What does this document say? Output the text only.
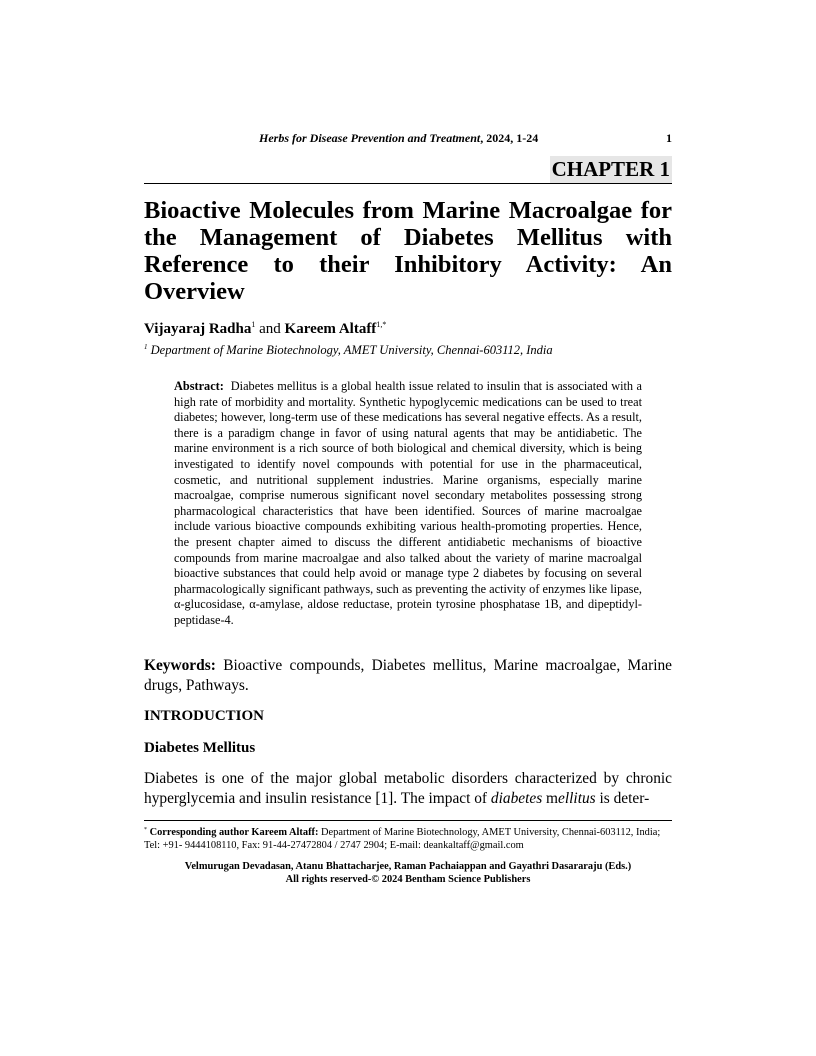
Herbs for Disease Prevention and Treatment, 2024, 1-24	1
CHAPTER 1
Bioactive Molecules from Marine Macroalgae for the Management of Diabetes Mellitus with Reference to their Inhibitory Activity: An Overview
Vijayaraj Radha$^1$ and Kareem Altaff$^{1,*}$
$^1$ Department of Marine Biotechnology, AMET University, Chennai-603112, India

Abstract: Diabetes mellitus is a global health issue related to insulin that is associated with a high rate of morbidity and mortality. Synthetic hypoglycemic medications can be used to treat diabetes; however, long-term use of these medications has several negative effects. As a result, there is a paradigm change in favor of using natural agents that may be antidiabetic. The marine environment is a rich source of both biological and chemical diversity, which is being investigated to identify novel compounds with potential for use in the pharmaceutical, cosmetic, and nutritional supplement industries. Marine organisms, especially marine macroalgae, comprise numerous significant novel secondary metabolites possessing strong pharmacological characteristics that have been identified. Sources of marine macroalgae include various bioactive compounds exhibiting various health-promoting properties. Hence, the present chapter aimed to discuss the different antidiabetic mechanisms of bioactive compounds from marine macroalgae and also talked about the variety of marine macroalgal bioactive substances that could help avoid or manage type 2 diabetes by focusing on several pharmacologically significant pathways, such as preventing the activity of enzymes like lipase, α-glucosidase, α-amylase, aldose reductase, protein tyrosine phosphatase 1B, and dipeptidyl-peptidase-4.

Keywords: Bioactive compounds, Diabetes mellitus, Marine macroalgae, Marine drugs, Pathways.

INTRODUCTION
Diabetes Mellitus

Diabetes is one of the major global metabolic disorders characterized by chronic hyperglycemia and insulin resistance [1]. The impact of diabetes mellitus is deter-

* Corresponding author Kareem Altaff: Department of Marine Biotechnology, AMET University, Chennai-603112, India; Tel: +91- 9444108110, Fax: 91-44-27472804 / 2747 2904; E-mail: deankaltaff@gmail.com

Velmurugan Devadasan, Atanu Bhattacharjee, Raman Pachaiappan and Gayathri Dasararaju (Eds.)
All rights reserved-© 2024 Bentham Science Publishers
